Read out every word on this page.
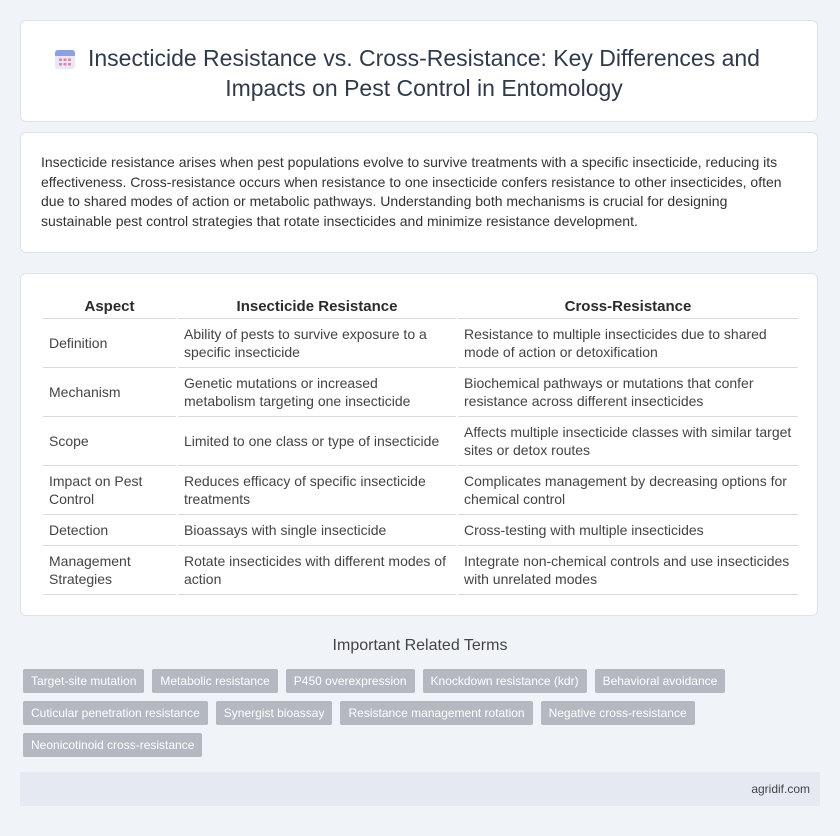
Insecticide Resistance vs. Cross-Resistance: Key Differences and Impacts on Pest Control in Entomology

Insecticide resistance arises when pest populations evolve to survive treatments with a specific insecticide, reducing its effectiveness. Cross-resistance occurs when resistance to one insecticide confers resistance to other insecticides, often due to shared modes of action or metabolic pathways. Understanding both mechanisms is crucial for designing sustainable pest control strategies that rotate insecticides and minimize resistance development.

Aspect	Insecticide Resistance	Cross-Resistance
Definition	Ability of pests to survive exposure to a specific insecticide	Resistance to multiple insecticides due to shared mode of action or detoxification
Mechanism	Genetic mutations or increased metabolism targeting one insecticide	Biochemical pathways or mutations that confer resistance across different insecticides
Scope	Limited to one class or type of insecticide	Affects multiple insecticide classes with similar target sites or detox routes
Impact on Pest Control	Reduces efficacy of specific insecticide treatments	Complicates management by decreasing options for chemical control
Detection	Bioassays with single insecticide	Cross-testing with multiple insecticides
Management Strategies	Rotate insecticides with different modes of action	Integrate non-chemical controls and use insecticides with unrelated modes
Important Related Terms
Target-site mutation	Metabolic resistance	P450 overexpression	Knockdown resistance (kdr)	Behavioral avoidance
Cuticular penetration resistance	Synergist bioassay	Resistance management rotation	Negative cross-resistance
Neonicotinoid cross-resistance
agridif.com
